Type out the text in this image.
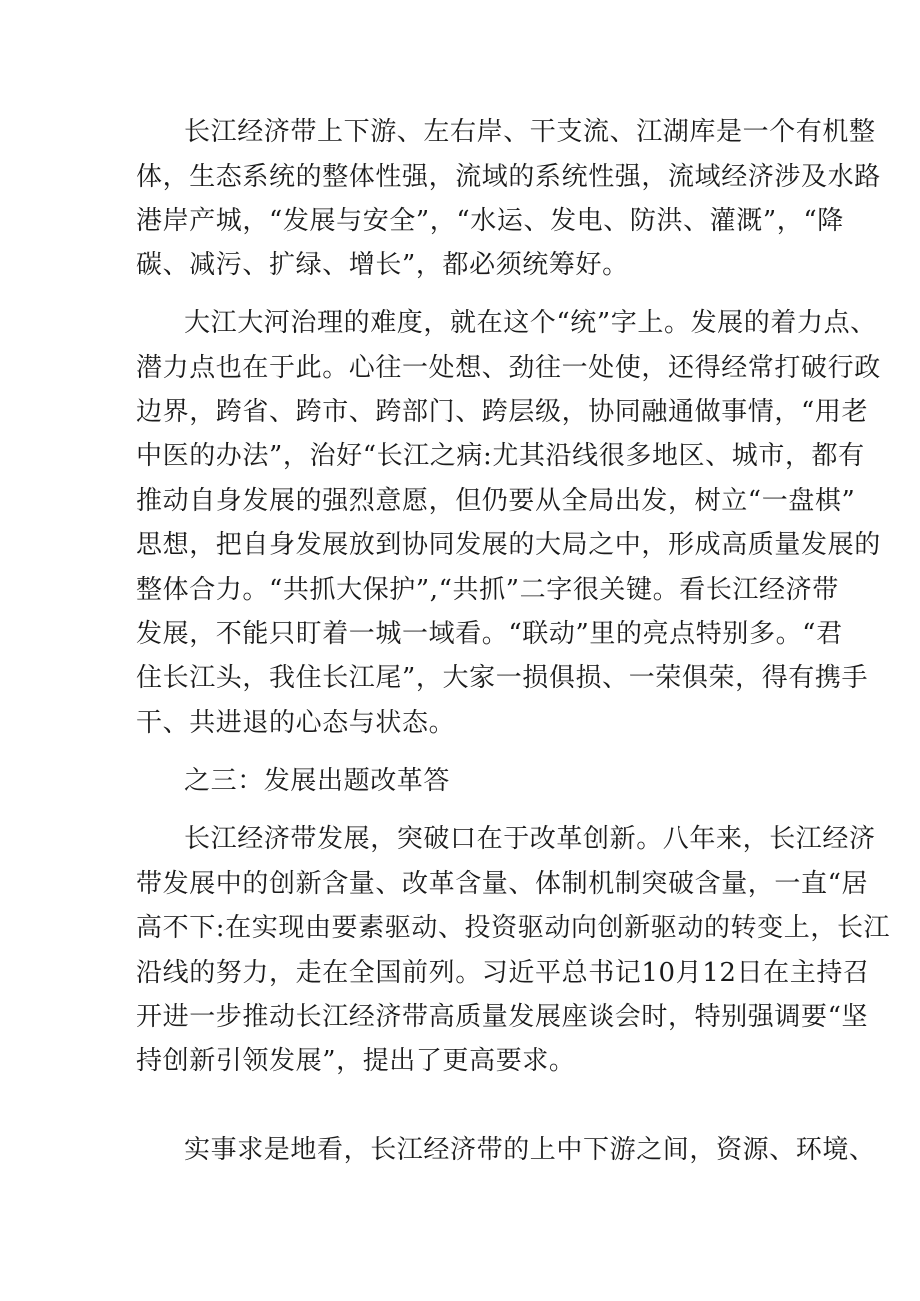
长江经济带上下游、左右岸、干支流、江湖库是一个有机整
体，生态系统的整体性强，流域的系统性强，流域经济涉及水路
港岸产城，“发展与安全”，“水运、发电、防洪、灌溉”，“降
碳、减污、扩绿、增长”，都必须统筹好。
大江大河治理的难度，就在这个“统”字上。发展的着力点、
潜力点也在于此。心往一处想、劲往一处使，还得经常打破行政
边界，跨省、跨市、跨部门、跨层级，协同融通做事情，“用老
中医的办法”，治好“长江之病:尤其沿线很多地区、城市，都有
推动自身发展的强烈意愿，但仍要从全局出发，树立“一盘棋”
思想，把自身发展放到协同发展的大局之中，形成高质量发展的
整体合力。“共抓大保护”,“共抓”二字很关键。看长江经济带
发展，不能只盯着一城一域看。“联动”里的亮点特别多。“君
住长江头，我住长江尾”，大家一损俱损、一荣俱荣，得有携手
干、共进退的心态与状态。
之三：发展出题改革答
长江经济带发展，突破口在于改革创新。八年来，长江经济
带发展中的创新含量、改革含量、体制机制突破含量，一直“居
高不下:在实现由要素驱动、投资驱动向创新驱动的转变上，长江
沿线的努力，走在全国前列。习近平总书记10月12日在主持召
开进一步推动长江经济带高质量发展座谈会时，特别强调要“坚
持创新引领发展”，提出了更高要求。
实事求是地看，长江经济带的上中下游之间，资源、环境、
